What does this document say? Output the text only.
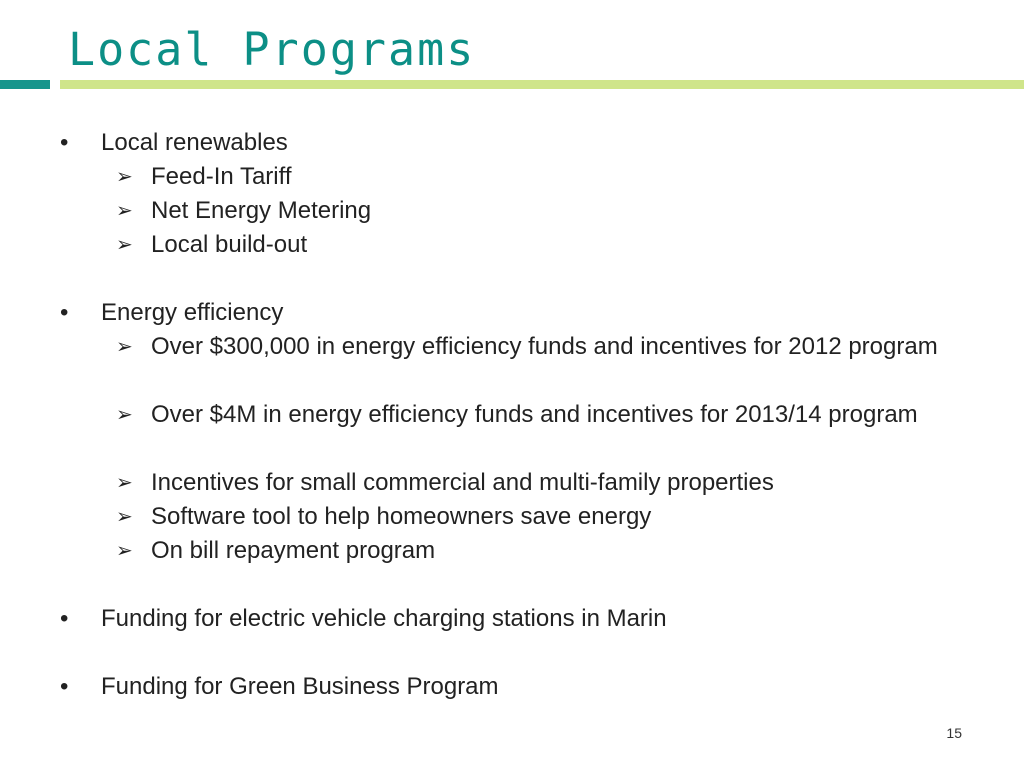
Local Programs
• Local renewables
➢ Feed-In Tariff
➢ Net Energy Metering
➢ Local build-out
• Energy efficiency
➢ Over $300,000 in energy efficiency funds and incentives for 2012 program
➢ Over $4M in energy efficiency funds and incentives for 2013/14 program
➢ Incentives for small commercial and multi-family properties
➢ Software tool to help homeowners save energy
➢ On bill repayment program
• Funding for electric vehicle charging stations in Marin
• Funding for Green Business Program
15
